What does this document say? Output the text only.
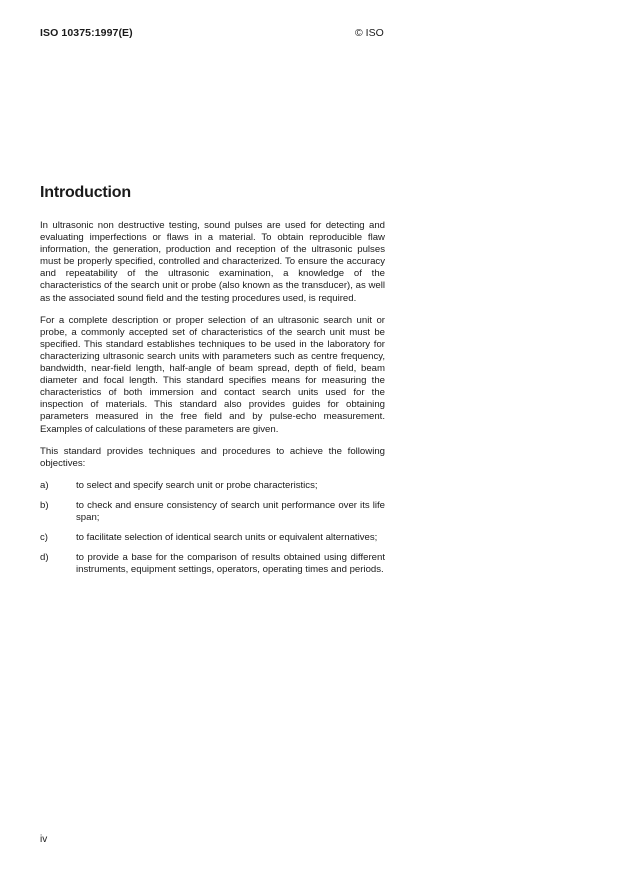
ISO 10375:1997(E)	© ISO
Introduction

In ultrasonic non destructive testing, sound pulses are used for detecting and evaluating imperfections or flaws in a material. To obtain reproducible flaw information, the generation, production and reception of the ultrasonic pulses must be properly specified, controlled and characterized. To ensure the accuracy and repeatability of the ultrasonic examination, a knowledge of the characteristics of the search unit or probe (also known as the transducer), as well as the associated sound field and the testing procedures used, is required.

For a complete description or proper selection of an ultrasonic search unit or probe, a commonly accepted set of characteristics of the search unit must be specified. This standard establishes techniques to be used in the laboratory for characterizing ultrasonic search units with parameters such as centre frequency, bandwidth, near-field length, half-angle of beam spread, depth of field, beam diameter and focal length. This standard specifies means for measuring the characteristics of both immersion and contact search units used for the inspection of materials. This standard also provides guides for obtaining parameters measured in the free field and by pulse-echo measurement. Examples of calculations of these parameters are given.

This standard provides techniques and procedures to achieve the following objectives:

a)	to select and specify search unit or probe characteristics;
b)	to check and ensure consistency of search unit performance over its life span;
c)	to facilitate selection of identical search units or equivalent alternatives;
d)	to provide a base for the comparison of results obtained using different instruments, equipment settings, operators, operating times and periods.
iv
